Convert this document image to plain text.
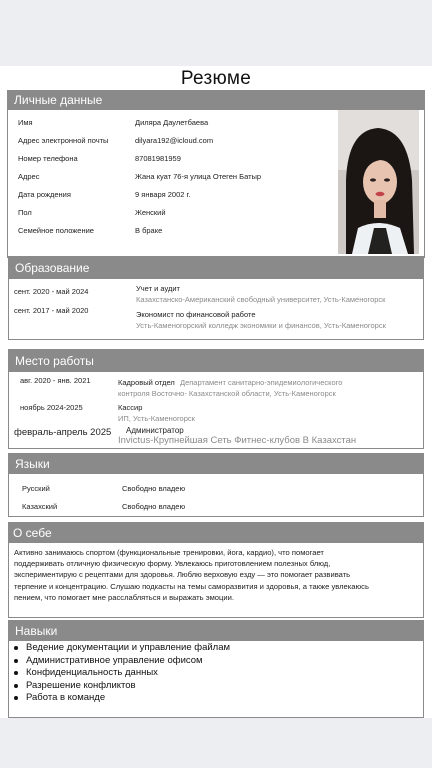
Резюме
Личные данные
Имя	Диляра Даулетбаева
Адрес электронной почты	dilyara192@icloud.com
Номер телефона	87081981959
Адрес	Жана куат 76-я улица Отеген Батыр
Дата рождения	9 января 2002 г.
Пол	Женский
Семейное положение	В браке
Образование
сент. 2020 - май 2024	Учет и аудит
Казахстанско-Американский свободный университет, Усть-Каменогорск
сент. 2017 - май 2020	Экономист по финансовой работе
Усть-Каменогорский колледж экономики и финансов, Усть-Каменогорск
Место работы
авг. 2020 - янв. 2021	Кадровый отдел Департамент санитарно-эпидемиологического
контроля Восточно- Казахстанской области, Усть-Каменогорск
ноябрь 2024-2025	Кассир
ИП, Усть-Каменогорск
февраль-апрель 2025 Администратор
Invictus-Крупнейшая Сеть Фитнес-клубов В Казахстан
Языки
Русский	Свободно владею
Казахский	Свободно владею
О себе
Активно занимаюсь спортом (функциональные тренировки, йога, кардио), что помогает
поддерживать отличную физическую форму. Увлекаюсь приготовлением полезных блюд,
экспериментирую с рецептами для здоровья. Люблю верховую езду — это помогает развивать
терпение и концентрацию. Слушаю подкасты на темы саморазвития и здоровья, а также увлекаюсь
пением, что помогает мне расслабляться и выражать эмоции.
Навыки
Ведение документации и управление файлам
Административное управление офисом
Конфиденциальность данных
Разрешение конфликтов
Работа в команде
